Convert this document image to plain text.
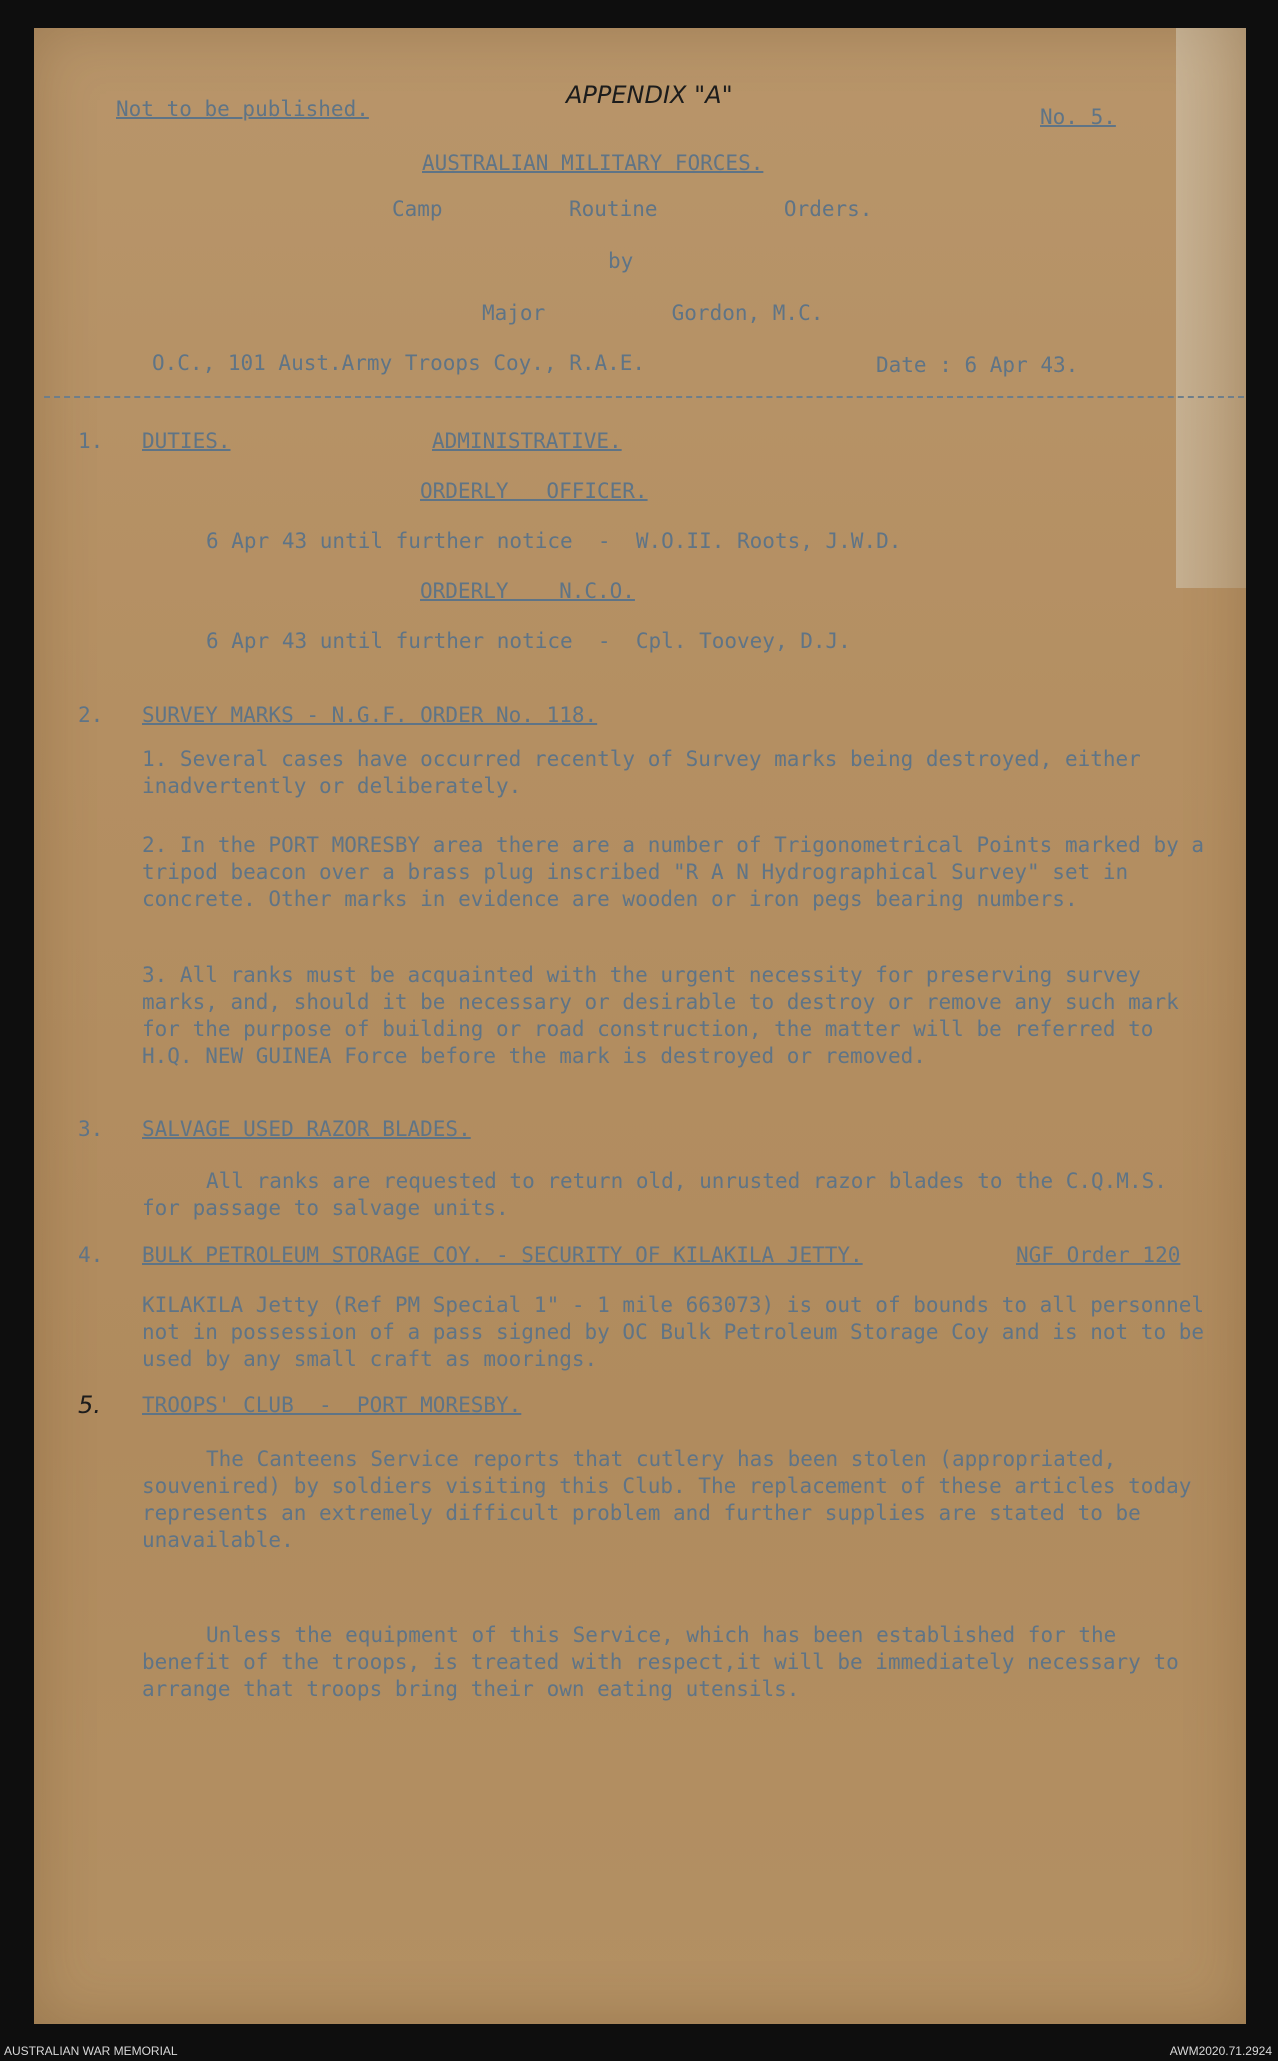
Not to be published.	APPENDIX "A"
No. 5.
AUSTRALIAN MILITARY FORCES.
Camp          Routine          Orders.
by
Major          Gordon, M.C.
O.C., 101 Aust.Army Troops Coy., R.A.E.	Date : 6 Apr 43.
1. DUTIES.	ADMINISTRATIVE.
ORDERLY   OFFICER.
6 Apr 43 until further notice  -  W.O.II. Roots, J.W.D.
ORDERLY    N.C.O.
6 Apr 43 until further notice  -  Cpl. Toovey, D.J.
2. SURVEY MARKS - N.G.F. ORDER No. 118.
1. Several cases have occurred recently of Survey marks being destroyed, either inadvertently or deliberately.
2. In the PORT MORESBY area there are a number of Trigonometrical Points marked by a tripod beacon over a brass plug inscribed "R A N Hydrographical Survey" set in concrete. Other marks in evidence are wooden or iron pegs bearing numbers.
3. All ranks must be acquainted with the urgent necessity for preserving survey marks, and, should it be necessary or desirable to destroy or remove any such mark for the purpose of building or road construction, the matter will be referred to H.Q. NEW GUINEA Force before the mark is destroyed or removed.
3. SALVAGE USED RAZOR BLADES.
All ranks are requested to return old, unrusted razor blades to the C.Q.M.S. for passage to salvage units.
4. BULK PETROLEUM STORAGE COY. - SECURITY OF KILAKILA JETTY.	NGF Order 120
KILAKILA Jetty (Ref PM Special 1" - 1 mile 663073) is out of bounds to all personnel not in possession of a pass signed by OC Bulk Petroleum Storage Coy and is not to be used by any small craft as moorings.
5. TROOPS' CLUB  -  PORT MORESBY.
The Canteens Service reports that cutlery has been stolen (appropriated, souvenired) by soldiers visiting this Club. The replacement of these articles today represents an extremely difficult problem and further supplies are stated to be unavailable.
Unless the equipment of this Service, which has been established for the benefit of the troops, is treated with respect,it will be immediately necessary to arrange that troops bring their own eating utensils.
AUSTRALIAN WAR MEMORIAL	AWM2020.71.2924
